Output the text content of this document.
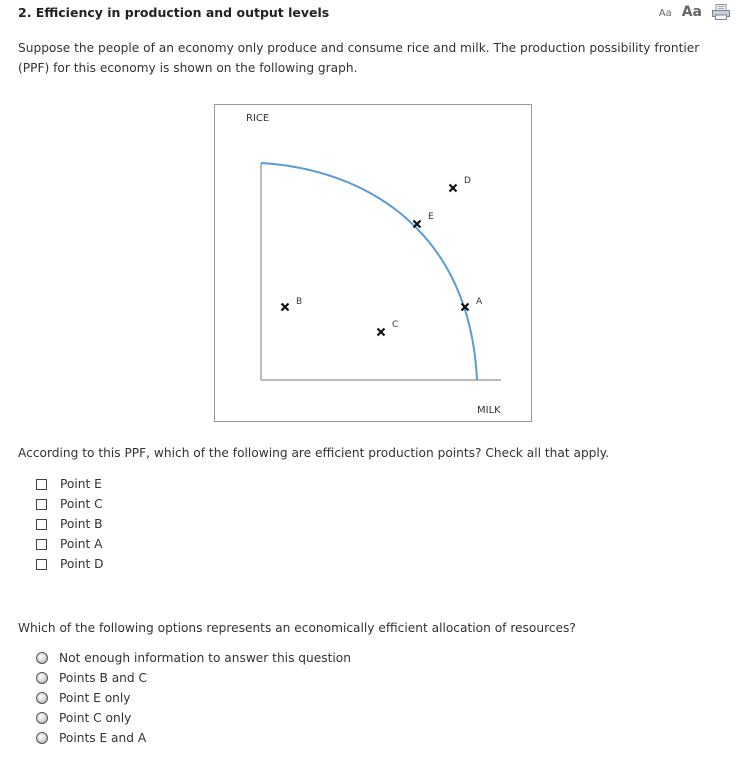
2. Efficiency in production and output levels	Aa Aa
Suppose the people of an economy only produce and consume rice and milk. The production possibility frontier (PPF) for this economy is shown on the following graph.
B
C
E
D
A
RICE
MILK
According to this PPF, which of the following are efficient production points? Check all that apply.
Point E
Point C
Point B
Point A
Point D
Which of the following options represents an economically efficient allocation of resources?
Not enough information to answer this question
Points B and C
Point E only
Point C only
Points E and A
